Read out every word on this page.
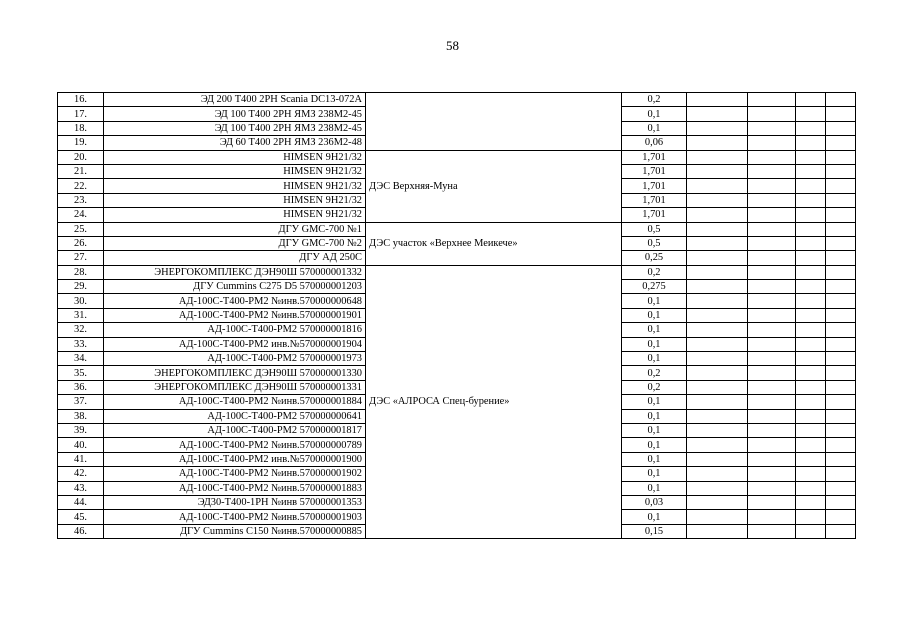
58
16.	ЭД 200 Т400 2РН Scania DC13-072A		0,2				
17.	ЭД 100 Т400 2РН ЯМЗ 238М2-45		0,1				
18.	ЭД 100 Т400 2РН ЯМЗ 238М2-45		0,1				
19.	ЭД 60 Т400 2РН ЯМЗ 236М2-48		0,06				
20.	HIMSEN 9H21/32	ДЭС Верхняя-Муна	1,701				
21.	HIMSEN 9H21/32		1,701				
22.	HIMSEN 9H21/32		1,701				
23.	HIMSEN 9H21/32		1,701				
24.	HIMSEN 9H21/32		1,701				
25.	ДГУ GMC-700 №1	ДЭС участок «Верхнее Меикече»	0,5				
26.	ДГУ GMC-700 №2		0,5				
27.	ДГУ АД 250С		0,25				
28.	ЭНЕРГОКОМПЛЕКС ДЭН90Ш 570000001332	ДЭС «АЛРОСА Спец-бурение»	0,2				
29.	ДГУ Cummins C275 D5 570000001203		0,275				
30.	АД-100С-Т400-РМ2 №инв.570000000648		0,1				
31.	АД-100С-Т400-РМ2 №инв.570000001901		0,1				
32.	АД-100С-Т400-РМ2 570000001816		0,1				
33.	АД-100С-Т400-РМ2 инв.№570000001904		0,1				
34.	АД-100С-Т400-РМ2 570000001973		0,1				
35.	ЭНЕРГОКОМПЛЕКС ДЭН90Ш 570000001330		0,2				
36.	ЭНЕРГОКОМПЛЕКС ДЭН90Ш 570000001331		0,2				
37.	АД-100С-Т400-РМ2 №инв.570000001884		0,1				
38.	АД-100С-Т400-РМ2 570000000641		0,1				
39.	АД-100С-Т400-РМ2 570000001817		0,1				
40.	АД-100С-Т400-РМ2 №инв.570000000789		0,1				
41.	АД-100С-Т400-РМ2 инв.№570000001900		0,1				
42.	АД-100С-Т400-РМ2 №инв.570000001902		0,1				
43.	АД-100С-Т400-РМ2 №инв.570000001883		0,1				
44.	ЭД30-Т400-1РН №инв 570000001353		0,03				
45.	АД-100С-Т400-РМ2 №инв.570000001903		0,1				
46.	ДГУ Cummins C150 №инв.570000000885		0,15				
